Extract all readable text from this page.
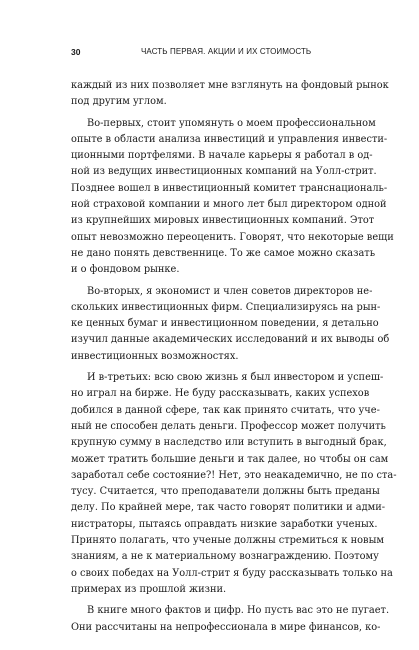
30	ЧАСТЬ ПЕРВАЯ. АКЦИИ И ИХ СТОИМОСТЬ
каждый из них позволяет мне взглянуть на фондовый рынок
под другим углом.
Во-первых, стоит упомянуть о моем профессиональном
опыте в области анализа инвестиций и управления инвести-
ционными портфелями. В начале карьеры я работал в од-
ной из ведущих инвестиционных компаний на Уолл-стрит.
Позднее вошел в инвестиционный комитет транснациональ-
ной страховой компании и много лет был директором одной
из крупнейших мировых инвестиционных компаний. Этот
опыт невозможно переоценить. Говорят, что некоторые вещи
не дано понять девственнице. То же самое можно сказать
и о фондовом рынке.
Во-вторых, я экономист и член советов директоров не-
скольких инвестиционных фирм. Специализируясь на рын-
ке ценных бумаг и инвестиционном поведении, я детально
изучил данные академических исследований и их выводы об
инвестиционных возможностях.
И в-третьих: всю свою жизнь я был инвестором и успеш-
но играл на бирже. Не буду рассказывать, каких успехов
добился в данной сфере, так как принято считать, что уче-
ный не способен делать деньги. Профессор может получить
крупную сумму в наследство или вступить в выгодный брак,
может тратить большие деньги и так далее, но чтобы он сам
заработал себе состояние?! Нет, это неакадемично, не по ста-
тусу. Считается, что преподаватели должны быть преданы
делу. По крайней мере, так часто говорят политики и адми-
нистраторы, пытаясь оправдать низкие заработки ученых.
Принято полагать, что ученые должны стремиться к новым
знаниям, а не к материальному вознаграждению. Поэтому
о своих победах на Уолл-стрит я буду рассказывать только на
примерах из прошлой жизни.
В книге много фактов и цифр. Но пусть вас это не пугает.
Они рассчитаны на непрофессионала в мире финансов, ко-
